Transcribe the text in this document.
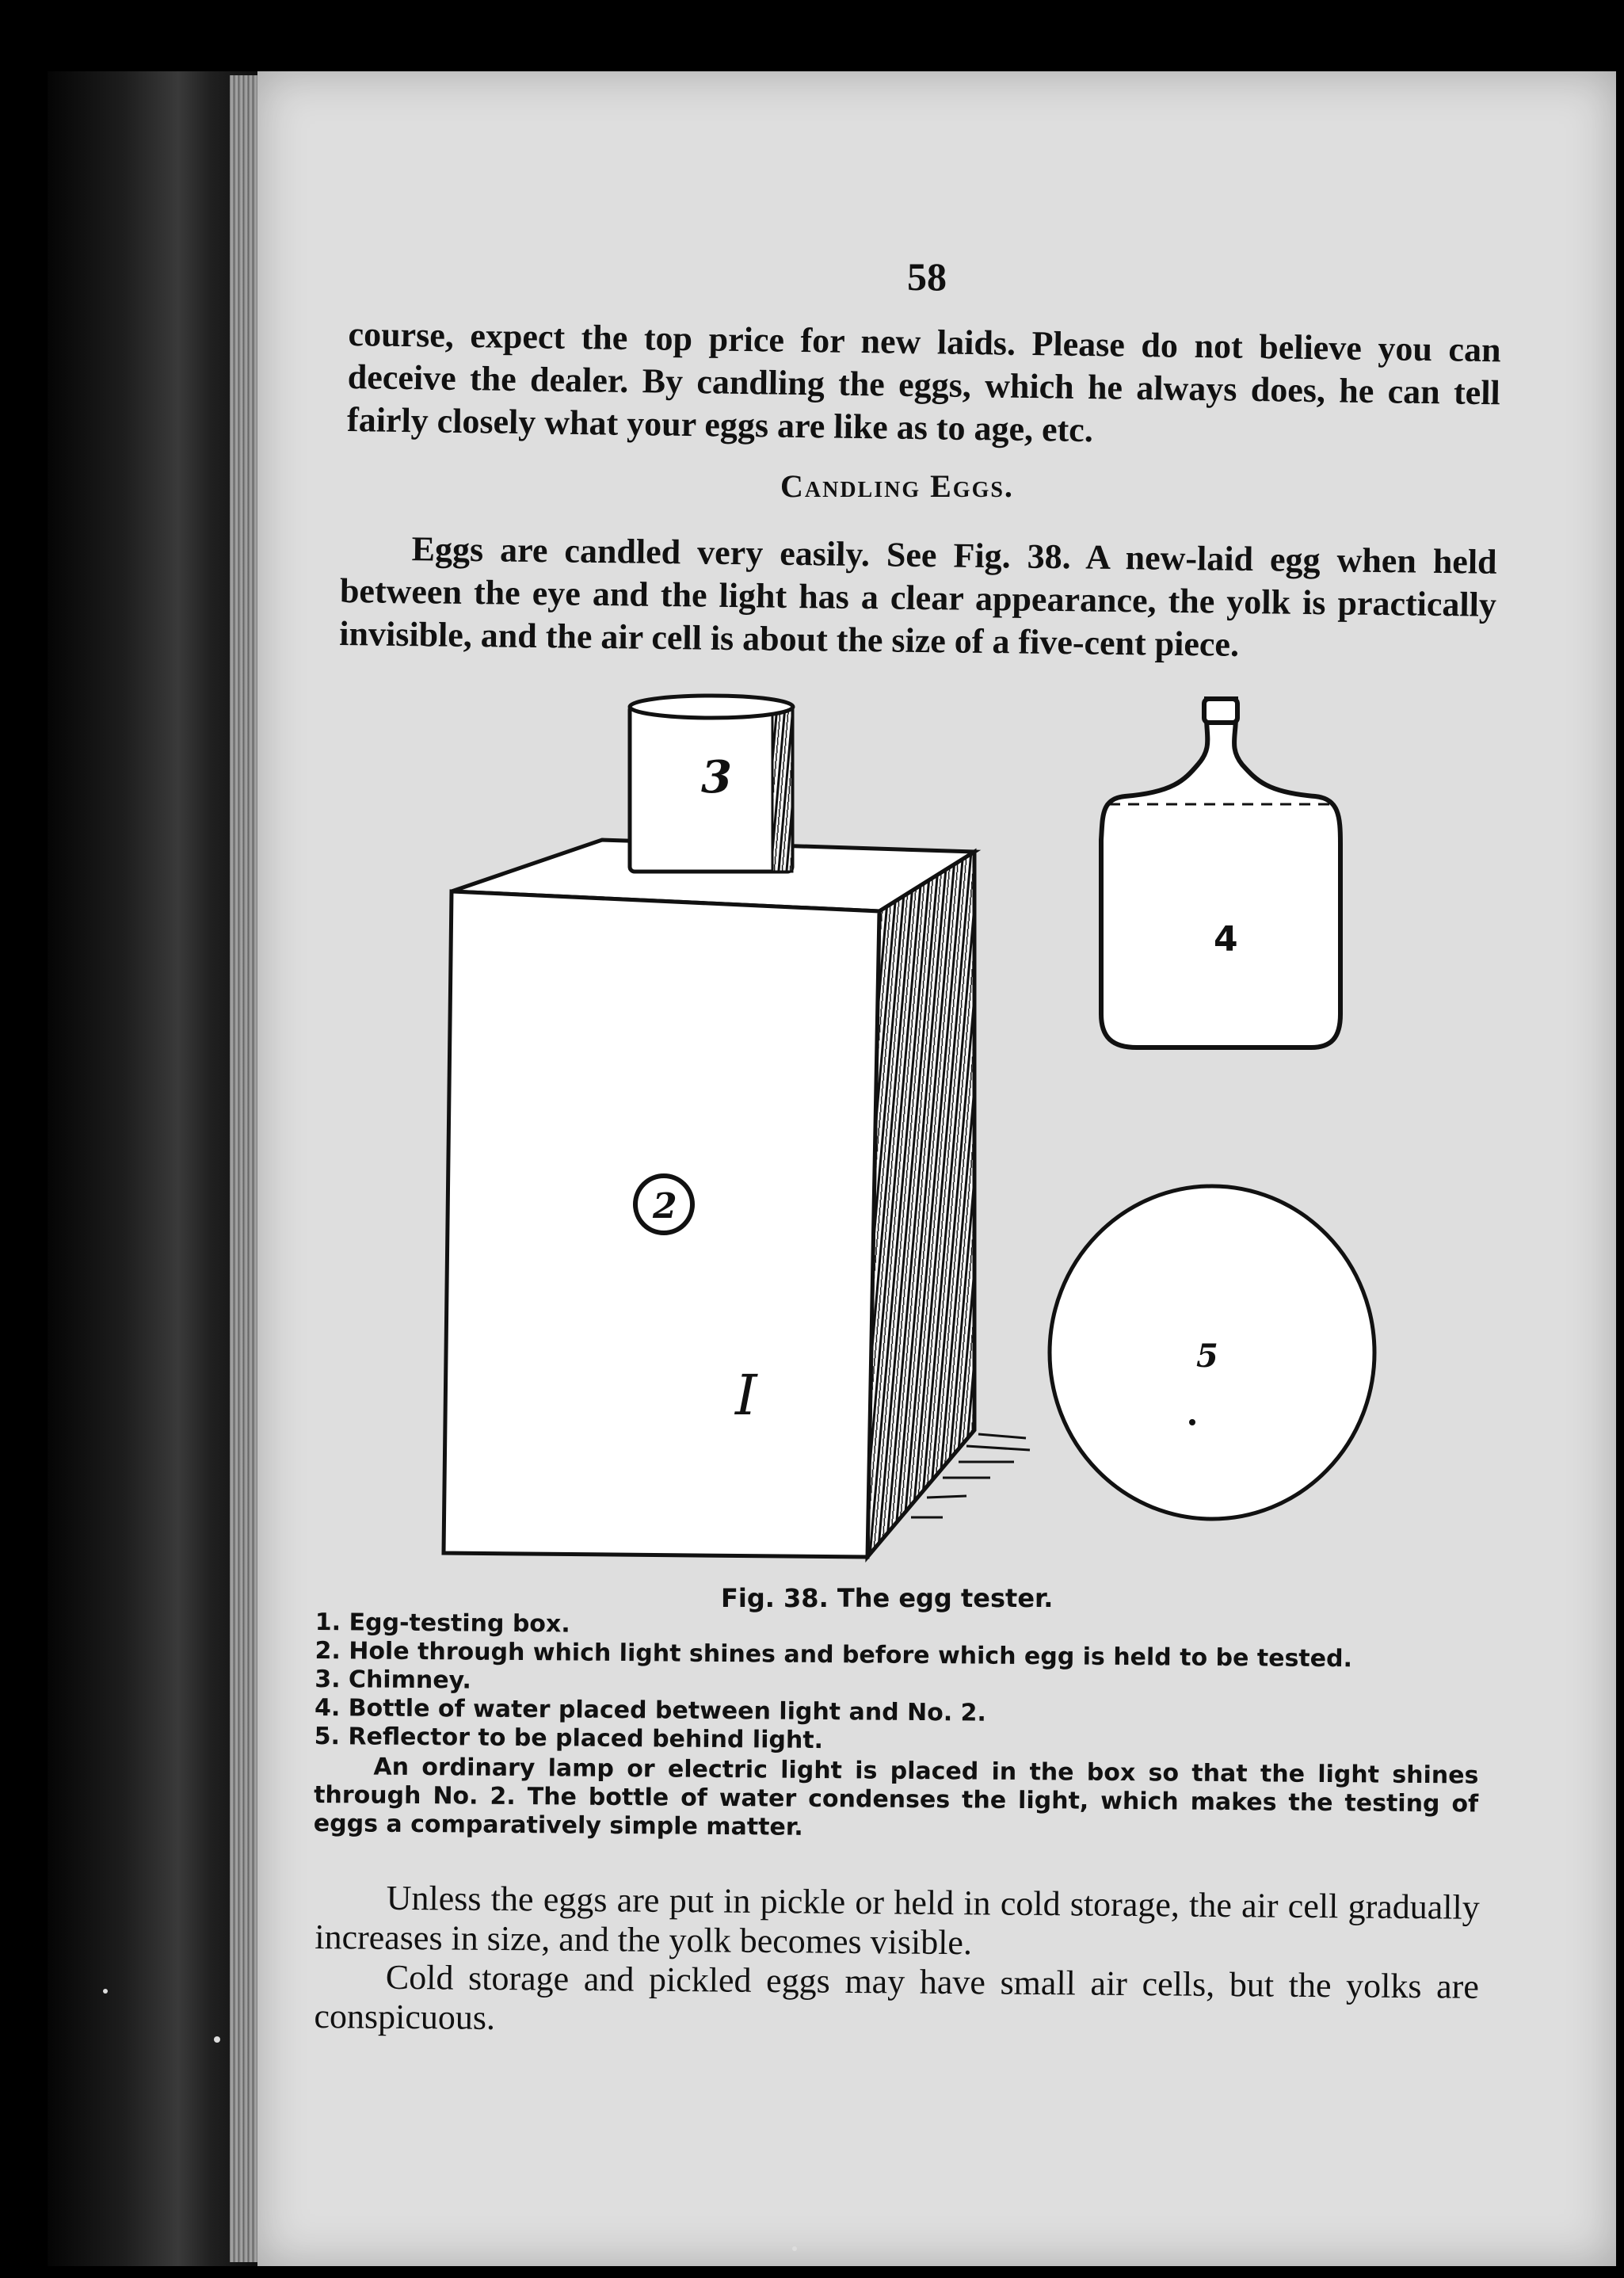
58

course, expect the top price for new laids. Please do not believe you can deceive the dealer. By candling the eggs, which he always does, he can tell fairly closely what your eggs are like as to age, etc.

Candling Eggs.

Eggs are candled very easily. See Fig. 38. A new-laid egg when held between the eye and the light has a clear appearance, the yolk is practically invisible, and the air cell is about the size of a five-cent piece.

3
2
I
4
5
Fig. 38. The egg tester.
1. Egg-testing box.
2. Hole through which light shines and before which egg is held to be tested.
3. Chimney.
4. Bottle of water placed between light and No. 2.
5. Reflector to be placed behind light.
An ordinary lamp or electric light is placed in the box so that the light shines through No. 2. The bottle of water condenses the light, which makes the testing of eggs a comparatively simple matter.

Unless the eggs are put in pickle or held in cold storage, the air cell gradually increases in size, and the yolk becomes visible.

Cold storage and pickled eggs may have small air cells, but the yolks are conspicuous.
